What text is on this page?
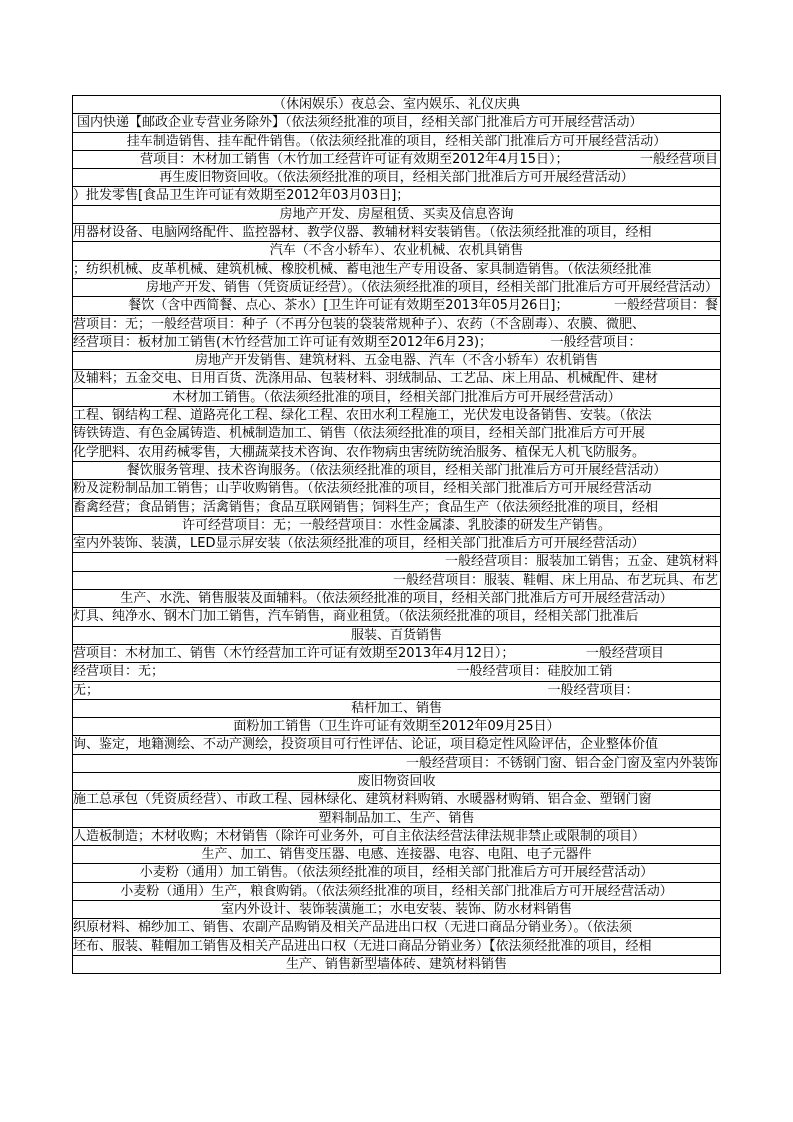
（休闲娱乐）夜总会、室内娱乐、礼仪庆典
国内快递【邮政企业专营业务除外】（依法须经批准的项目，经相关部门批准后方可开展经营活动）
挂车制造销售、挂车配件销售。（依法须经批准的项目，经相关部门批准后方可开展经营活动）
营项目：木材加工销售（木竹加工经营许可证有效期至2012年4月15日）；　　　　　　一般经营项目
再生废旧物资回收。（依法须经批准的项目，经相关部门批准后方可开展经营活动）
）批发零售[食品卫生许可证有效期至2012年03月03日]；
房地产开发、房屋租赁、买卖及信息咨询
用器材设备、电脑网络配件、监控器材、教学仪器、教辅材料安装销售。（依法须经批准的项目，经相
汽车（不含小轿车）、农业机械、农机具销售
；纺织机械、皮革机械、建筑机械、橡胶机械、蓄电池生产专用设备、家具制造销售。（依法须经批准
房地产开发、销售（凭资质证经营）。（依法须经批准的项目，经相关部门批准后方可开展经营活动）
餐饮（含中西简餐、点心、茶水）[卫生许可证有效期至2013年05月26日]；　　　　一般经营项目：餐
营项目：无；一般经营项目：种子（不再分包装的袋装常规种子）、农药（不含剧毒）、农膜、微肥、
经营项目：板材加工销售(木竹经营加工许可证有效期至2012年6月23)；　　　　　一般经营项目：
房地产开发销售、建筑材料、五金电器、汽车（不含小轿车）农机销售
及辅料；五金交电、日用百货、洗涤用品、包装材料、羽绒制品、工艺品、床上用品、机械配件、建材
木材加工销售。（依法须经批准的项目，经相关部门批准后方可开展经营活动）
工程、钢结构工程、道路亮化工程、绿化工程、农田水利工程施工，光伏发电设备销售、安装。（依法
铸铁铸造、有色金属铸造、机械制造加工、销售（依法须经批准的项目，经相关部门批准后方可开展
化学肥料、农用药械零售，大棚蔬菜技术咨询、农作物病虫害统防统治服务、植保无人机飞防服务。
餐饮服务管理、技术咨询服务。（依法须经批准的项目，经相关部门批准后方可开展经营活动）
粉及淀粉制品加工销售；山芋收购销售。（依法须经批准的项目，经相关部门批准后方可开展经营活动
畜禽经营；食品销售；活禽销售；食品互联网销售；饲料生产；食品生产（依法须经批准的项目，经相
许可经营项目：无；一般经营项目：水性金属漆、乳胶漆的研发生产销售。
室内外装饰、装潢，LED显示屏安装（依法须经批准的项目，经相关部门批准后方可开展经营活动）
一般经营项目：服装加工销售；五金、建筑材料
一般经营项目：服装、鞋帽、床上用品、布艺玩具、布艺
生产、水洗、销售服装及面辅料。（依法须经批准的项目，经相关部门批准后方可开展经营活动）
灯具、纯净水、钢木门加工销售，汽车销售，商业租赁。（依法须经批准的项目，经相关部门批准后
服装、百货销售
营项目：木材加工、销售（木竹经营加工许可证有效期至2013年4月12日）；　　　　　　一般经营项目
经营项目：无；　　　　　　　　　　　　　　　　　　　　　　　一般经营项目：硅胶加工销
无；　　　　　　　　　　　　　　　　　　　　　　　　　　　　　　　　　　　一般经营项目：
秸杆加工、销售
面粉加工销售（卫生许可证有效期至2012年09月25日）
询、鉴定，地籍测绘、不动产测绘，投资项目可行性评估、论证，项目稳定性风险评估，企业整体价值
一般经营项目：不锈钢门窗、铝合金门窗及室内外装饰
废旧物资回收
施工总承包（凭资质经营）、市政工程、园林绿化、建筑材料购销、水暖器材购销、铝合金、塑钢门窗
塑料制品加工、生产、销售
人造板制造；木材收购；木材销售（除许可业务外，可自主依法经营法律法规非禁止或限制的项目）
生产、加工、销售变压器、电感、连接器、电容、电阻、电子元器件
小麦粉（通用）加工销售。（依法须经批准的项目，经相关部门批准后方可开展经营活动）
小麦粉（通用）生产，粮食购销。（依法须经批准的项目，经相关部门批准后方可开展经营活动）
室内外设计、装饰装潢施工；水电安装、装饰、防水材料销售
织原材料、棉纱加工、销售、农副产品购销及相关产品进出口权（无进口商品分销业务）。（依法须
坯布、服装、鞋帽加工销售及相关产品进出口权（无进口商品分销业务）【依法须经批准的项目，经相
生产、销售新型墙体砖、建筑材料销售
